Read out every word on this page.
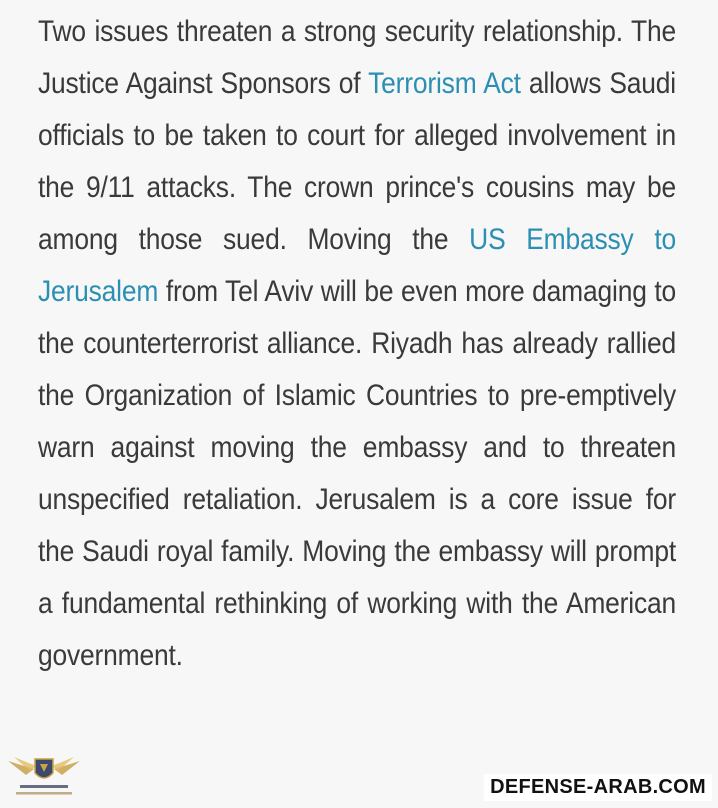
Two issues threaten a strong security relationship. The Justice Against Sponsors of Terrorism Act allows Saudi officials to be taken to court for alleged involvement in the 9/11 attacks. The crown prince's cousins may be among those sued. Moving the US Embassy to Jerusalem from Tel Aviv will be even more damaging to the counterterrorist alliance. Riyadh has already rallied the Organization of Islamic Countries to pre-emptively warn against moving the embassy and to threaten unspecified retaliation. Jerusalem is a core issue for the Saudi royal family. Moving the embassy will prompt a fundamental rethinking of working with the American government.

DEFENSE-ARAB.COM
